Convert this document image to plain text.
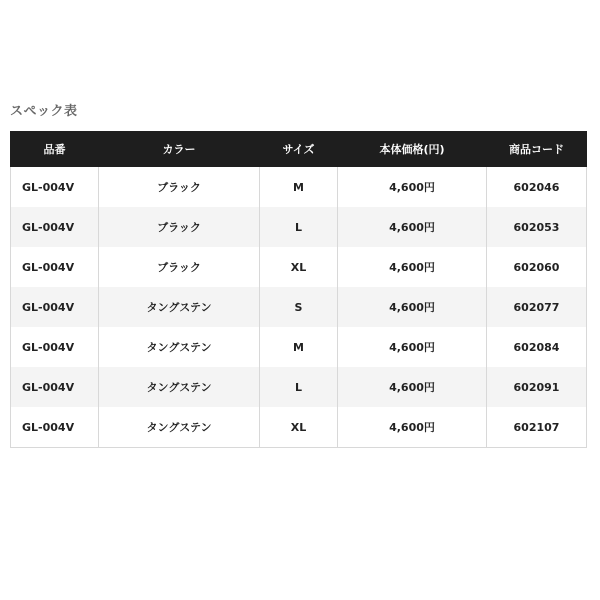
スペック表
品番	カラー	サイズ	本体価格(円)	商品コード
GL-004V	ブラック	M	4,600円	602046
GL-004V	ブラック	L	4,600円	602053
GL-004V	ブラック	XL	4,600円	602060
GL-004V	タングステン	S	4,600円	602077
GL-004V	タングステン	M	4,600円	602084
GL-004V	タングステン	L	4,600円	602091
GL-004V	タングステン	XL	4,600円	602107
